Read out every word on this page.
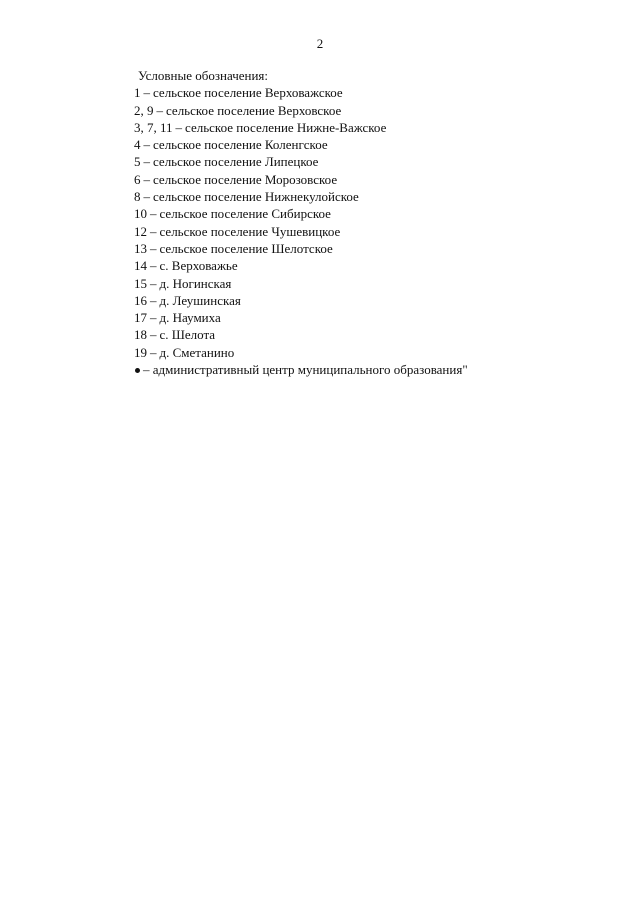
2
Условные обозначения:
1 – сельское поселение Верховажское
2, 9 – сельское поселение Верховское
3, 7, 11 – сельское поселение Нижне-Важское
4 – сельское поселение Коленгское
5 – сельское поселение Липецкое
6 – сельское поселение Морозовское
8 – сельское поселение Нижнекулойское
10 – сельское поселение Сибирское
12 – сельское поселение Чушевицкое
13 – сельское поселение Шелотское
14 – с. Верховажье
15 – д. Ногинская
16 – д. Леушинская
17 – д. Наумиха
18 – с. Шелота
19 – д. Сметанино
– административный центр муниципального образования"
